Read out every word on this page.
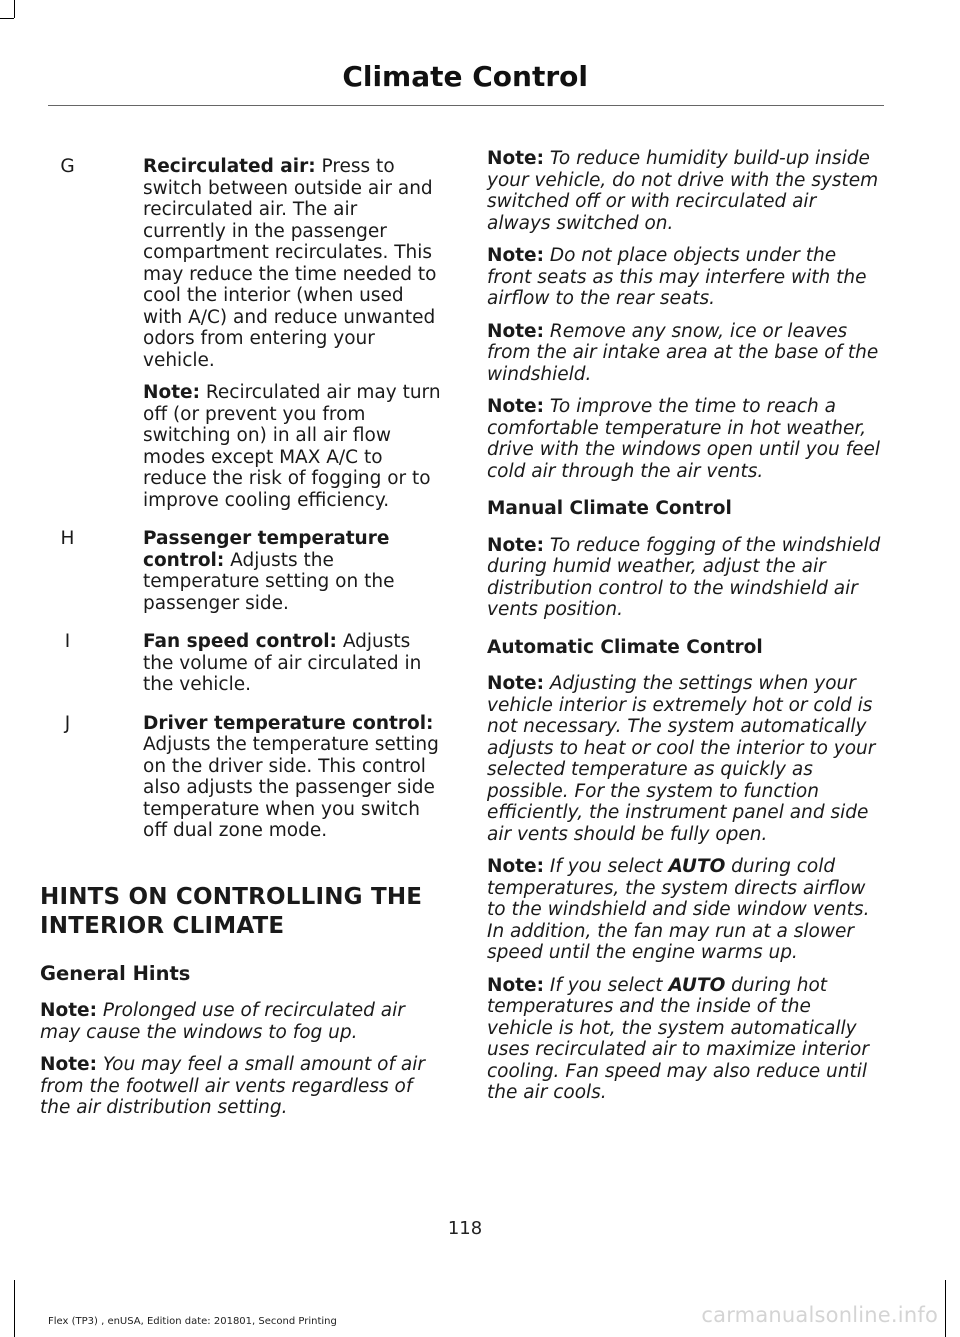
Climate Control
G	Recirculated air: Press to switch between outside air and recirculated air. The air currently in the passenger compartment recirculates. This may reduce the time needed to cool the interior (when used with A/C) and reduce unwanted odors from entering your vehicle.

Note: Recirculated air may turn off (or prevent you from switching on) in all air flow modes except MAX A/C to reduce the risk of fogging or to improve cooling efficiency.

H	Passenger temperature control: Adjusts the temperature setting on the passenger side.

I	Fan speed control: Adjusts the volume of air circulated in the vehicle.

J	Driver temperature control: Adjusts the temperature setting on the driver side. This control also adjusts the passenger side temperature when you switch off dual zone mode.

HINTS ON CONTROLLING THE
INTERIOR CLIMATE
General Hints

Note: Prolonged use of recirculated air may cause the windows to fog up.

Note: You may feel a small amount of air from the footwell air vents regardless of the air distribution setting.

Note: To reduce humidity build-up inside your vehicle, do not drive with the system switched off or with recirculated air always switched on.

Note: Do not place objects under the front seats as this may interfere with the airflow to the rear seats.

Note: Remove any snow, ice or leaves from the air intake area at the base of the windshield.

Note: To improve the time to reach a comfortable temperature in hot weather, drive with the windows open until you feel cold air through the air vents.

Manual Climate Control

Note: To reduce fogging of the windshield during humid weather, adjust the air distribution control to the windshield air vents position.

Automatic Climate Control

Note: Adjusting the settings when your vehicle interior is extremely hot or cold is not necessary. The system automatically adjusts to heat or cool the interior to your selected temperature as quickly as possible. For the system to function efficiently, the instrument panel and side air vents should be fully open.

Note: If you select AUTO during cold temperatures, the system directs airflow to the windshield and side window vents. In addition, the fan may run at a slower speed until the engine warms up.

Note: If you select AUTO during hot temperatures and the inside of the vehicle is hot, the system automatically uses recirculated air to maximize interior cooling. Fan speed may also reduce until the air cools.

118
Flex (TP3) , enUSA, Edition date: 201801, Second Printing	carmanualsonline.info
